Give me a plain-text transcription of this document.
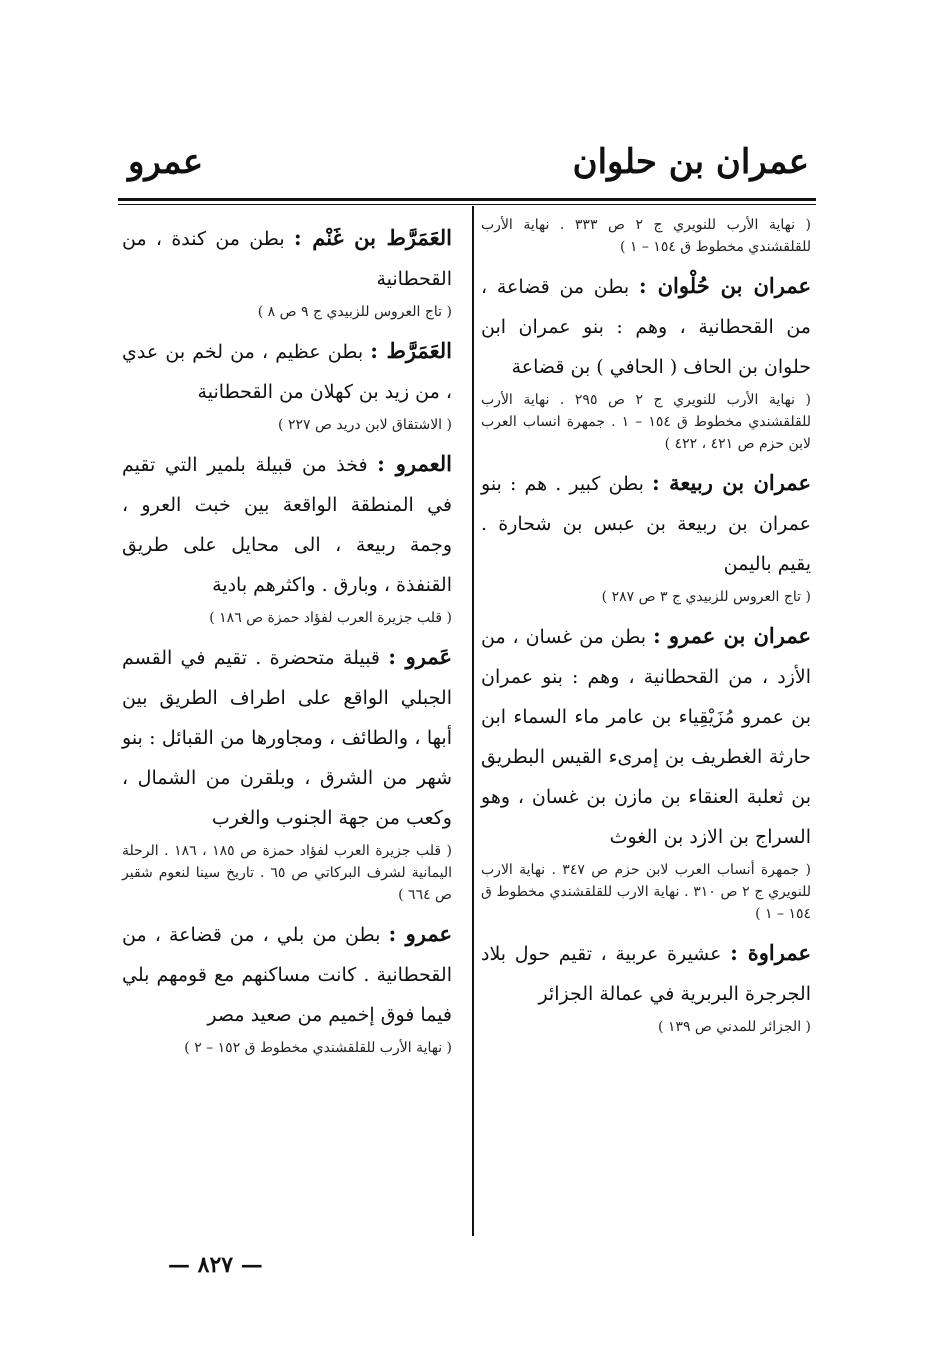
عمران بن حلوان
عمرو
( نهاية الأرب للنويري ج ٢ ص ٣٣٣ . نهاية الأرب للقلقشندي مخطوط ق ١٥٤ – ١ )

عمران بن حُلْوان : بطن من قضاعة ، من القحطانية ، وهم : بنو عمران ابن حلوان بن الحاف ( الحافي ) بن قضاعة

( نهاية الأرب للنويري ج ٢ ص ٢٩٥ . نهاية الأرب للقلقشندي مخطوط ق ١٥٤ – ١ . جمهرة انساب العرب لابن حزم ص ٤٢١ ، ٤٢٢ )

عمران بن ربيعة : بطن كبير . هم : بنو عمران بن ربيعة بن عبس بن شحارة . يقيم باليمن

( تاج العروس للزبيدي ج ٣ ص ٢٨٧ )

عمران بن عمرو : بطن من غسان ، من الأزد ، من القحطانية ، وهم : بنو عمران بن عمرو مُزَيْقِياء بن عامر ماء السماء ابن حارثة الغطريف بن إمرىء القيس البطريق بن ثعلبة العنقاء بن مازن بن غسان ، وهو السراج بن الازد بن الغوث

( جمهرة أنساب العرب لابن حزم ص ٣٤٧ . نهاية الارب للنويري ج ٢ ص ٣١٠ . نهاية الارب للقلقشندي مخطوط ق ١٥٤ – ١ )

عمراوة : عشيرة عربية ، تقيم حول بلاد الجرجرة البربرية في عمالة الجزائر

( الجزائر للمدني ص ١٣٩ )

العَمَرَّط بن غَنْم : بطن من كندة ، من القحطانية

( تاج العروس للزبيدي ج ٩ ص ٨ )

العَمَرَّط : بطن عظيم ، من لخم بن عدي ، من زيد بن كهلان من القحطانية

( الاشتقاق لابن دريد ص ٢٢٧ )

العمرو : فخذ من قبيلة بلمير التي تقيم في المنطقة الواقعة بين خبت العرو ، وجمة ربيعة ، الى محايل على طريق القنفذة ، وبارق . واكثرهم بادية

( قلب جزيرة العرب لفؤاد حمزة ص ١٨٦ )

عَمرو : قبيلة متحضرة . تقيم في القسم الجبلي الواقع على اطراف الطريق بين أبها ، والطائف ، ومجاورها من القبائل : بنو شهر من الشرق ، وبلقرن من الشمال ، وكعب من جهة الجنوب والغرب

( قلب جزيرة العرب لفؤاد حمزة ص ١٨٥ ، ١٨٦ . الرحلة اليمانية لشرف البركاتي ص ٦٥ . تاريخ سينا لنعوم شقير ص ٦٦٤ )

عمرو : بطن من بلي ، من قضاعة ، من القحطانية . كانت مساكنهم مع قومهم بلي فيما فوق إخميم من صعيد مصر

( نهاية الأرب للقلقشندي مخطوط ق ١٥٢ – ٢ )
— ٨٢٧ —
